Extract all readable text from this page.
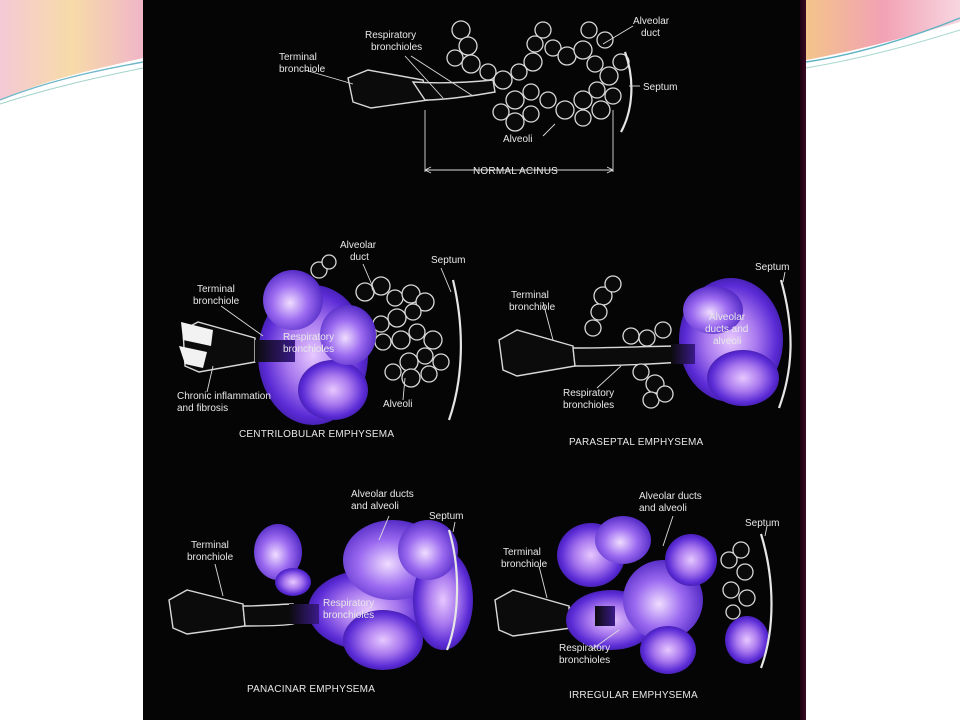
Terminal
bronchiole
Respiratory
bronchioles
Alveolar
duct
Septum
Alveoli
NORMAL ACINUS
Alveolar
duct	Septum
Terminal
bronchiole
Respiratory
bronchioles
Chronic inflammation
and fibrosis	Alveoli
CENTRILOBULAR EMPHYSEMA
Septum
Terminal
bronchiole
Alveolar
ducts and
alveoli
Respiratory
bronchioles
PARASEPTAL EMPHYSEMA
Alveolar ducts
and alveoli
Septum
Terminal
bronchiole
Respiratory
bronchioles
PANACINAR EMPHYSEMA
Alveolar ducts
and alveoli
Septum
Terminal
bronchiole
Respiratory
bronchioles
IRREGULAR EMPHYSEMA
